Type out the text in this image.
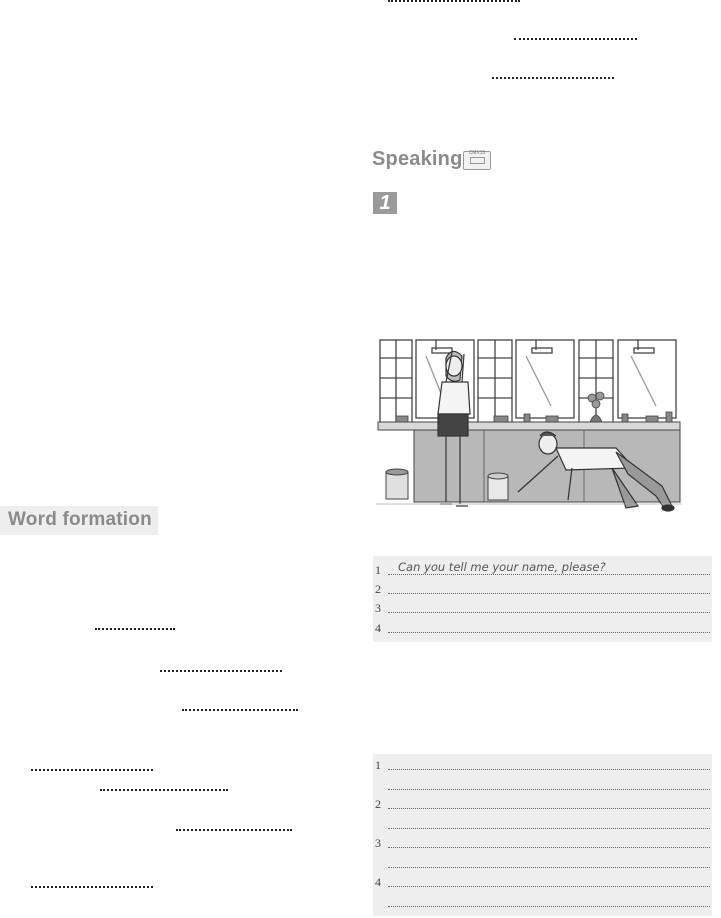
Word formation
Speaking	CMX15
1
1 Can you tell me your name, please?
2
3
4
1
2
3
4
